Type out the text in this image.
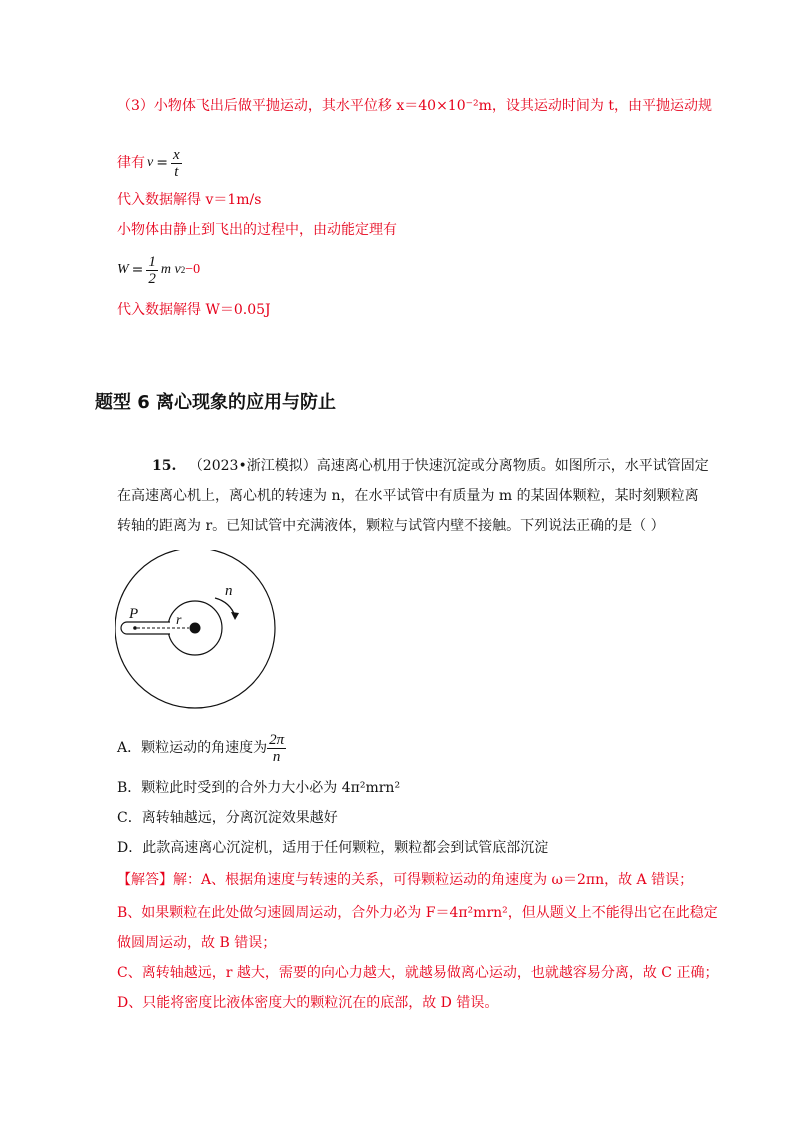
（3）小物体飞出后做平抛运动，其水平位移 x＝40×10⁻²m，设其运动时间为 t，由平抛运动规
律有 $v = \frac{x}{t}$
代入数据解得 v＝1m/s
小物体由静止到飞出的过程中，由动能定理有
$W = \frac{1}{2}$ m v 2 −0
代入数据解得 W＝0.05J
题型 6 离心现象的应用与防止
15. （2023•浙江模拟）高速离心机用于快速沉淀或分离物质。如图所示，水平试管固定
在高速离心机上，离心机的转速为 n，在水平试管中有质量为 m 的某固体颗粒，某时刻颗粒离
转轴的距离为 r。已知试管中充满液体，颗粒与试管内壁不接触。下列说法正确的是（ ）
P	r
n
A．颗粒运动的角速度为 $\frac{2\pi}{n}$
B．颗粒此时受到的合外力大小必为 4π²mrn²
C．离转轴越远，分离沉淀效果越好
D．此款高速离心沉淀机，适用于任何颗粒，颗粒都会到试管底部沉淀
【解答】解：A、根据角速度与转速的关系，可得颗粒运动的角速度为 ω＝2πn，故 A 错误；
B、如果颗粒在此处做匀速圆周运动，合外力必为 F＝4π²mrn²，但从题义上不能得出它在此稳定
做圆周运动，故 B 错误；
C、离转轴越远，r 越大，需要的向心力越大，就越易做离心运动，也就越容易分离，故 C 正确；
D、只能将密度比液体密度大的颗粒沉在的底部，故 D 错误。
